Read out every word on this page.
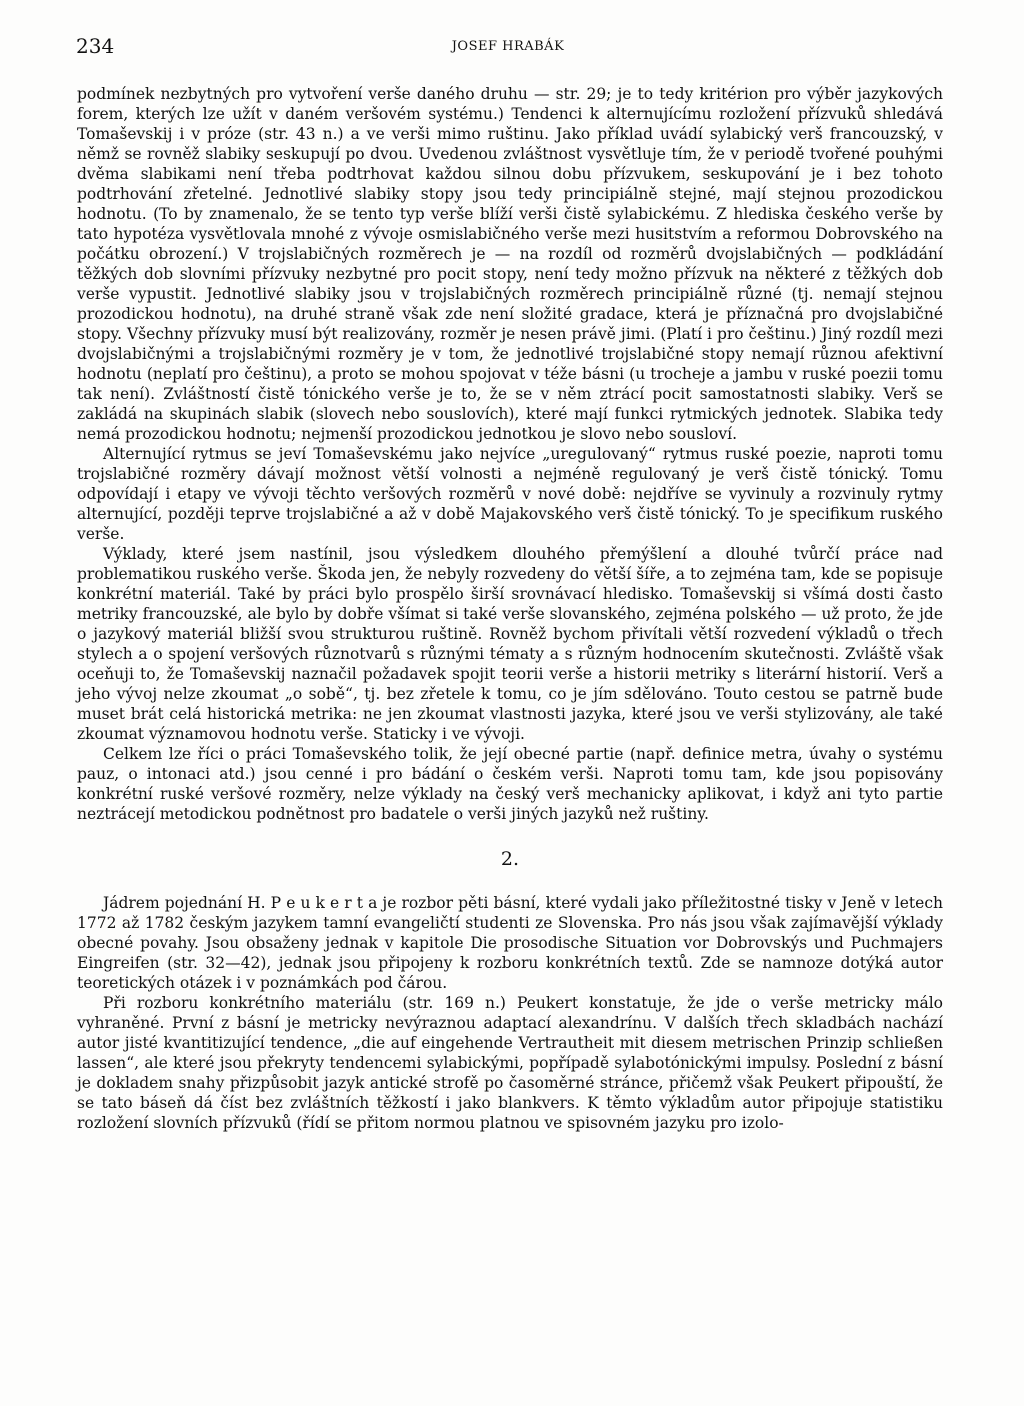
234	JOSEF HRABÁK

podmínek nezbytných pro vytvoření verše daného druhu — str. 29; je to tedy kritérion pro výběr jazykových forem, kterých lze užít v daném veršovém systému.) Tendenci k alternujícímu rozložení přízvuků shledává Tomaševskij i v próze (str. 43 n.) a ve verši mimo ruštinu. Jako příklad uvádí sylabický verš francouzský, v němž se rovněž slabiky seskupují po dvou. Uvedenou zvláštnost vysvětluje tím, že v periodě tvořené pouhými dvěma slabikami není třeba podtrhovat každou silnou dobu přízvukem, seskupování je i bez tohoto podtrhování zřetelné. Jednotlivé slabiky stopy jsou tedy principiálně stejné, mají stejnou prozodickou hodnotu. (To by znamenalo, že se tento typ verše blíží verši čistě sylabickému. Z hlediska českého verše by tato hypotéza vysvětlovala mnohé z vývoje osmislabičného verše mezi husitstvím a reformou Dobrovského na počátku obrození.) V trojslabičných rozměrech je — na rozdíl od rozměrů dvojslabičných — podkládání těžkých dob slovními přízvuky nezbytné pro pocit stopy, není tedy možno přízvuk na některé z těžkých dob verše vypustit. Jednotlivé slabiky jsou v trojslabičných rozměrech principiálně různé (tj. nemají stejnou prozodickou hodnotu), na druhé straně však zde není složité gradace, která je příznačná pro dvojslabičné stopy. Všechny přízvuky musí být realizovány, rozměr je nesen právě jimi. (Platí i pro češtinu.) Jiný rozdíl mezi dvojslabičnými a trojslabičnými rozměry je v tom, že jednotlivé trojslabičné stopy nemají různou afektivní hodnotu (neplatí pro češtinu), a proto se mohou spojovat v téže básni (u trocheje a jambu v ruské poezii tomu tak není). Zvláštností čistě tónického verše je to, že se v něm ztrácí pocit samostatnosti slabiky. Verš se zakládá na skupinách slabik (slovech nebo souslovích), které mají funkci rytmických jednotek. Slabika tedy nemá prozodickou hodnotu; nejmenší prozodickou jednotkou je slovo nebo sousloví.

Alternující rytmus se jeví Tomaševskému jako nejvíce „uregulovaný“ rytmus ruské poezie, naproti tomu trojslabičné rozměry dávají možnost větší volnosti a nejméně regulovaný je verš čistě tónický. Tomu odpovídají i etapy ve vývoji těchto veršových rozměrů v nové době: nejdříve se vyvinuly a rozvinuly rytmy alternující, později teprve trojslabičné a až v době Majakovského verš čistě tónický. To je specifikum ruského verše.

Výklady, které jsem nastínil, jsou výsledkem dlouhého přemýšlení a dlouhé tvůrčí práce nad problematikou ruského verše. Škoda jen, že nebyly rozvedeny do větší šíře, a to zejména tam, kde se popisuje konkrétní materiál. Také by práci bylo prospělo širší srovnávací hledisko. Tomaševskij si všímá dosti často metriky francouzské, ale bylo by dobře všímat si také verše slovanského, zejména polského — už proto, že jde o jazykový materiál bližší svou strukturou ruštině. Rovněž bychom přivítali větší rozvedení výkladů o třech stylech a o spojení veršových různotvarů s různými tématy a s různým hodnocením skutečnosti. Zvláště však oceňuji to, že Tomaševskij naznačil požadavek spojit teorii verše a historii metriky s literární historií. Verš a jeho vývoj nelze zkoumat „o sobě“, tj. bez zřetele k tomu, co je jím sdělováno. Touto cestou se patrně bude muset brát celá historická metrika: ne jen zkoumat vlastnosti jazyka, které jsou ve verši stylizovány, ale také zkoumat významovou hodnotu verše. Staticky i ve vývoji.

Celkem lze říci o práci Tomaševského tolik, že její obecné partie (např. definice metra, úvahy o systému pauz, o intonaci atd.) jsou cenné i pro bádání o českém verši. Naproti tomu tam, kde jsou popisovány konkrétní ruské veršové rozměry, nelze výklady na český verš mechanicky aplikovat, i když ani tyto partie neztrácejí metodickou podnětnost pro badatele o verši jiných jazyků než ruštiny.

2.

Jádrem pojednání H. P e u k e r t a je rozbor pěti básní, které vydali jako příležitostné tisky v Jeně v letech 1772 až 1782 českým jazykem tamní evangeličtí studenti ze Slovenska. Pro nás jsou však zajímavější výklady obecné povahy. Jsou obsaženy jednak v kapitole Die prosodische Situation vor Dobrovskýs und Puchmajers Eingreifen (str. 32—42), jednak jsou připojeny k rozboru konkrétních textů. Zde se namnoze dotýká autor teoretických otázek i v poznámkách pod čárou.

Při rozboru konkrétního materiálu (str. 169 n.) Peukert konstatuje, že jde o verše metricky málo vyhraněné. První z básní je metricky nevýraznou adaptací alexandrínu. V dalších třech skladbách nachází autor jisté kvantitizující tendence, „die auf eingehende Vertrautheit mit diesem metrischen Prinzip schließen lassen“, ale které jsou překryty tendencemi sylabickými, popřípadě sylabotónickými impulsy. Poslední z básní je dokladem snahy přizpůsobit jazyk antické strofě po časoměrné stránce, přičemž však Peukert připouští, že se tato báseň dá číst bez zvláštních těžkostí i jako blankvers. K těmto výkladům autor připojuje statistiku rozložení slovních přízvuků (řídí se přitom normou platnou ve spisovném jazyku pro izolo-
